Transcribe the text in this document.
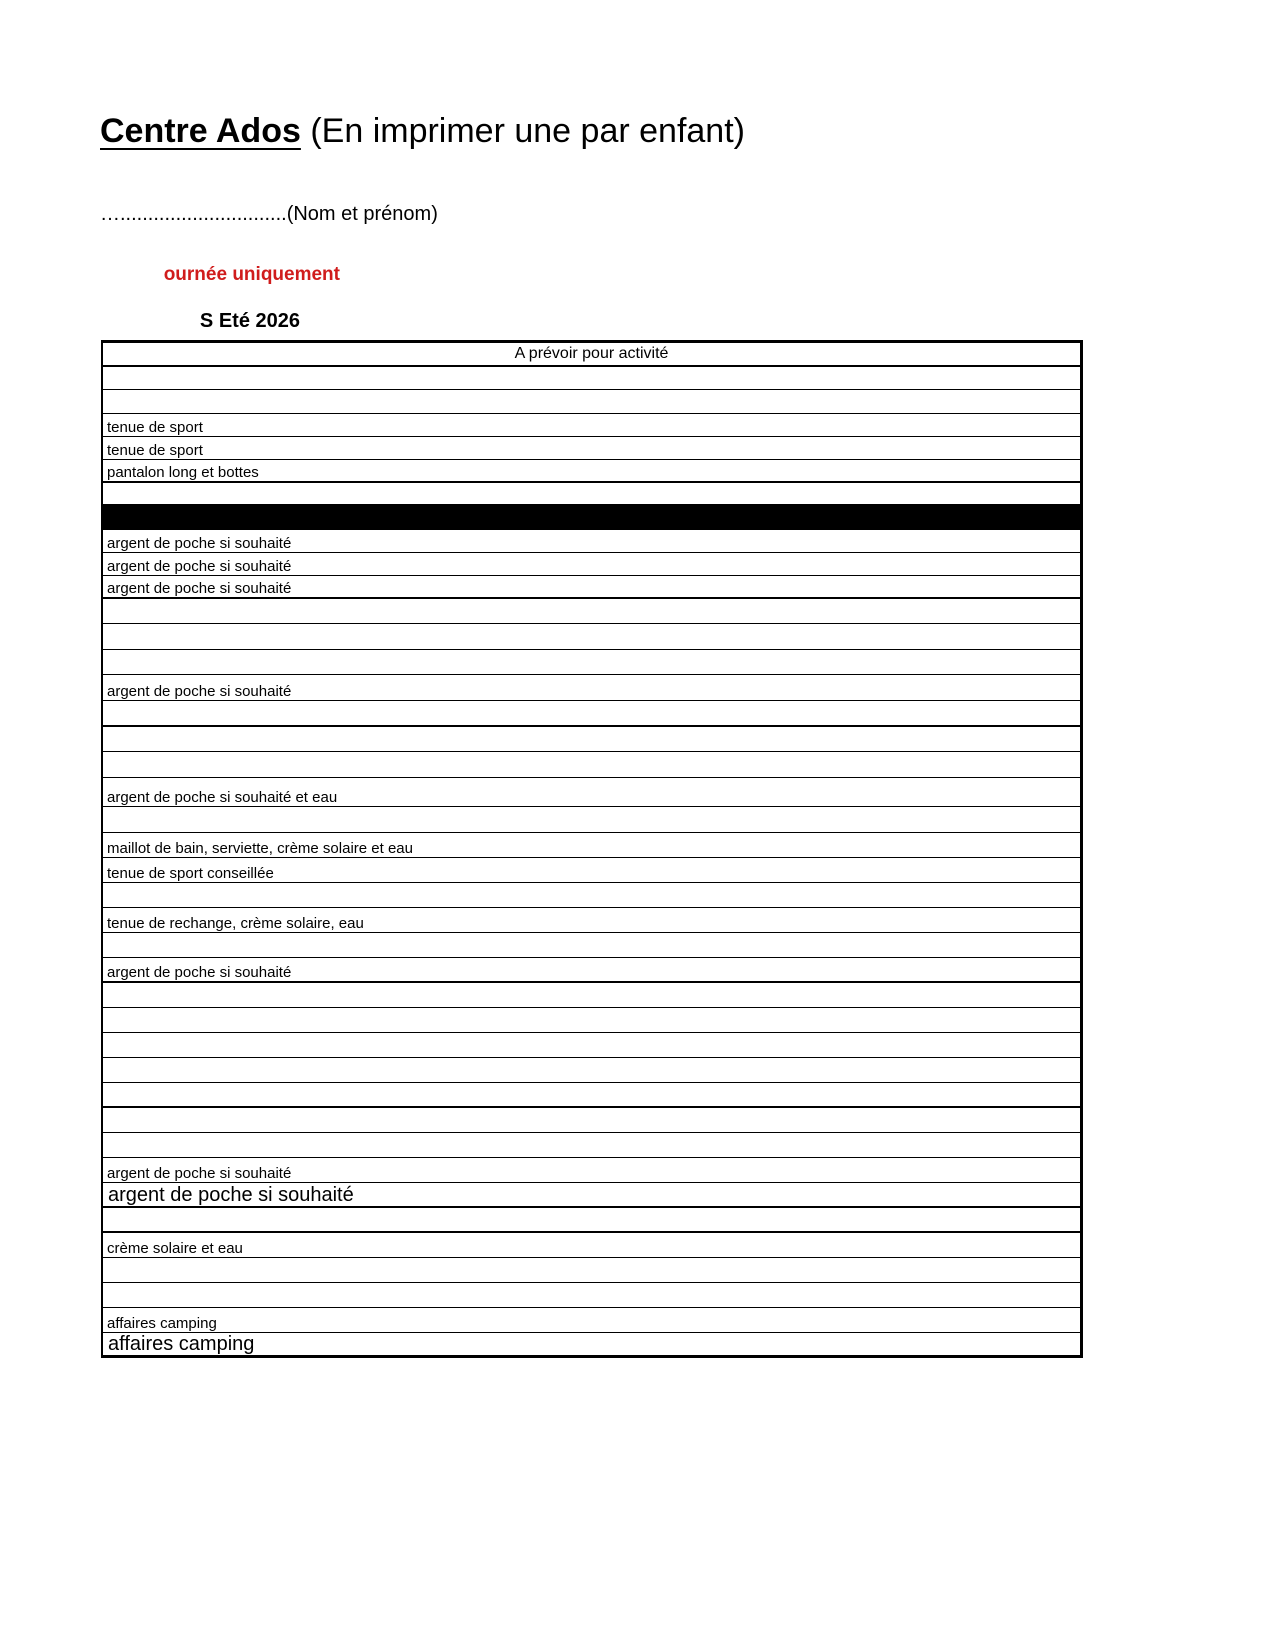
Centre Ados (En imprimer une par enfant)
…..............................(Nom et prénom)
ournée uniquement
S Eté 2026
A prévoir pour activité
tenue de sport
tenue de sport
pantalon long et bottes
argent de poche si souhaité
argent de poche si souhaité
argent de poche si souhaité
argent de poche si souhaité
argent de poche si souhaité et eau
maillot de bain, serviette, crème solaire et eau
tenue de sport conseillée
tenue de rechange, crème solaire, eau
argent de poche si souhaité
argent de poche si souhaité
argent de poche si souhaité
crème solaire et eau
affaires camping
affaires camping
